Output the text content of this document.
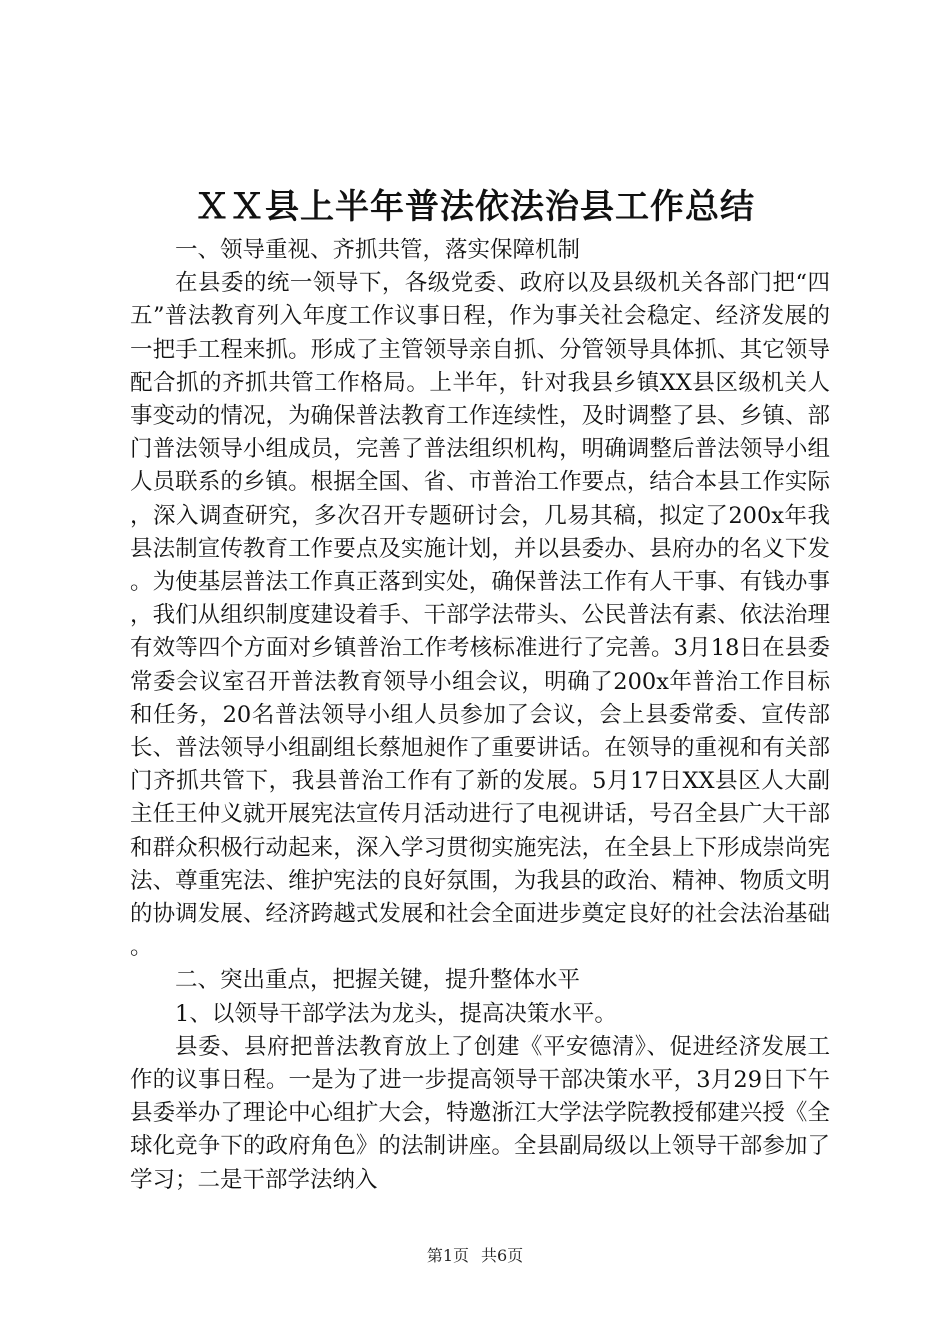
ＸＸ县上半年普法依法治县工作总结

一、领导重视、齐抓共管，落实保障机制

在县委的统一领导下，各级党委、政府以及县级机关各部门把“四五”普法教育列入年度工作议事日程，作为事关社会稳定、经济发展的一把手工程来抓。形成了主管领导亲自抓、分管领导具体抓、其它领导配合抓的齐抓共管工作格局。上半年，针对我县乡镇XX县区级机关人事变动的情况，为确保普法教育工作连续性，及时调整了县、乡镇、部门普法领导小组成员，完善了普法组织机构，明确调整后普法领导小组人员联系的乡镇。根据全国、省、市普治工作要点，结合本县工作实际，深入调查研究，多次召开专题研讨会，几易其稿，拟定了200x年我县法制宣传教育工作要点及实施计划，并以县委办、县府办的名义下发。为使基层普法工作真正落到实处，确保普法工作有人干事、有钱办事，我们从组织制度建设着手、干部学法带头、公民普法有素、依法治理有效等四个方面对乡镇普治工作考核标准进行了完善。3月18日在县委常委会议室召开普法教育领导小组会议，明确了200x年普治工作目标和任务，20名普法领导小组人员参加了会议，会上县委常委、宣传部长、普法领导小组副组长蔡旭昶作了重要讲话。在领导的重视和有关部门齐抓共管下，我县普治工作有了新的发展。5月17日XX县区人大副主任王仲义就开展宪法宣传月活动进行了电视讲话，号召全县广大干部和群众积极行动起来，深入学习贯彻实施宪法，在全县上下形成崇尚宪法、尊重宪法、维护宪法的良好氛围，为我县的政治、精神、物质文明的协调发展、经济跨越式发展和社会全面进步奠定良好的社会法治基础。

二、突出重点，把握关键，提升整体水平

1、以领导干部学法为龙头，提高决策水平。

县委、县府把普法教育放上了创建《平安德清》、促进经济发展工作的议事日程。一是为了进一步提高领导干部决策水平，3月29日下午县委举办了理论中心组扩大会，特邀浙江大学法学院教授郁建兴授《全球化竞争下的政府角色》的法制讲座。全县副局级以上领导干部参加了学习；二是干部学法纳入

第1页 共6页
